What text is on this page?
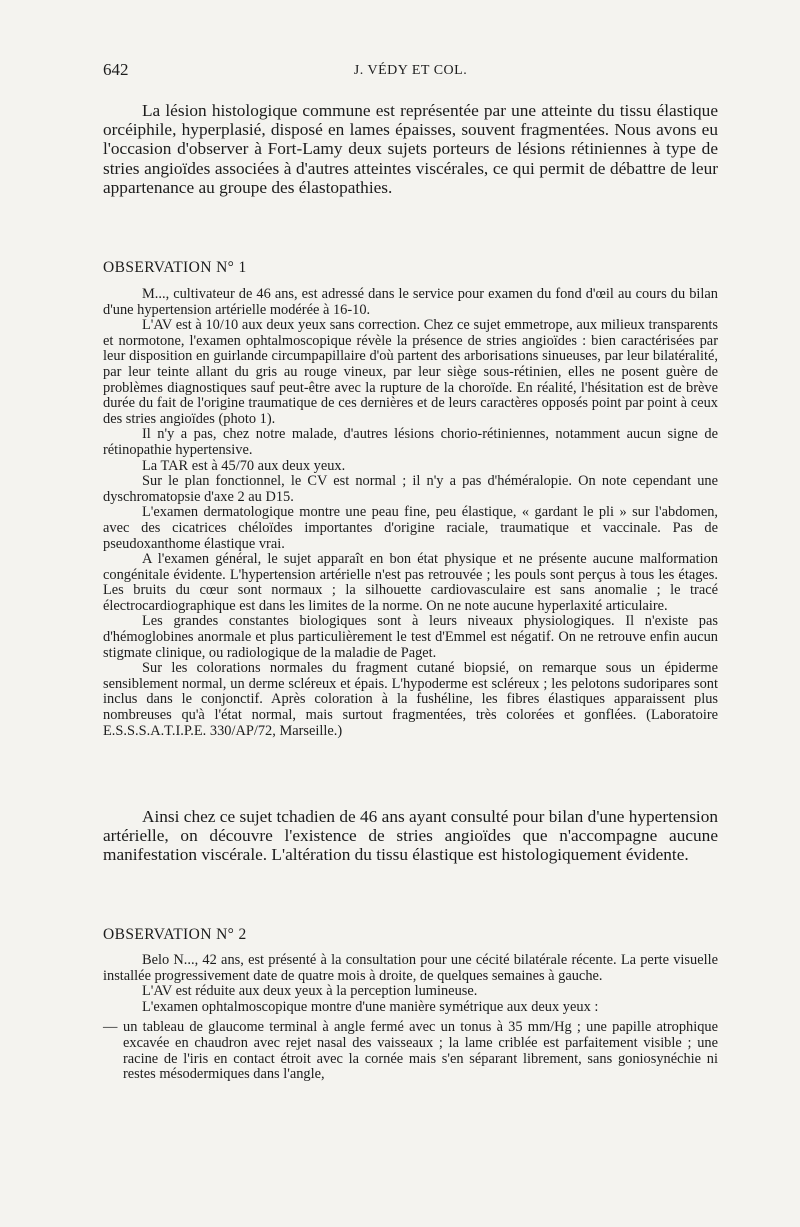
642	J. VÉDY ET COL.

La lésion histologique commune est représentée par une atteinte du tissu élastique orcéiphile, hyperplasié, disposé en lames épaisses, souvent fragmentées. Nous avons eu l'occasion d'observer à Fort-Lamy deux sujets porteurs de lésions rétiniennes à type de stries angioïdes associées à d'autres atteintes viscérales, ce qui permit de débattre de leur appartenance au groupe des élastopathies.

OBSERVATION N° 1

M..., cultivateur de 46 ans, est adressé dans le service pour examen du fond d'œil au cours du bilan d'une hypertension artérielle modérée à 16-10.

L'AV est à 10/10 aux deux yeux sans correction. Chez ce sujet emmetrope, aux milieux transparents et normotone, l'examen ophtalmoscopique révèle la présence de stries angioïdes : bien caractérisées par leur disposition en guirlande circumpapillaire d'où partent des arborisations sinueuses, par leur bilatéralité, par leur teinte allant du gris au rouge vineux, par leur siège sous-rétinien, elles ne posent guère de problèmes diagnostiques sauf peut-être avec la rupture de la choroïde. En réalité, l'hésitation est de brève durée du fait de l'origine traumatique de ces dernières et de leurs caractères opposés point par point à ceux des stries angioïdes (photo 1).

Il n'y a pas, chez notre malade, d'autres lésions chorio-rétiniennes, notamment aucun signe de rétinopathie hypertensive.

La TAR est à 45/70 aux deux yeux.

Sur le plan fonctionnel, le CV est normal ; il n'y a pas d'héméralopie. On note cependant une dyschromatopsie d'axe 2 au D15.

L'examen dermatologique montre une peau fine, peu élastique, « gardant le pli » sur l'abdomen, avec des cicatrices chéloïdes importantes d'origine raciale, traumatique et vaccinale. Pas de pseudoxanthome élastique vrai.

A l'examen général, le sujet apparaît en bon état physique et ne présente aucune malformation congénitale évidente. L'hypertension artérielle n'est pas retrouvée ; les pouls sont perçus à tous les étages. Les bruits du cœur sont normaux ; la silhouette cardiovasculaire est sans anomalie ; le tracé électrocardiographique est dans les limites de la norme. On ne note aucune hyperlaxité articulaire.

Les grandes constantes biologiques sont à leurs niveaux physiologiques. Il n'existe pas d'hémoglobines anormale et plus particulièrement le test d'Emmel est négatif. On ne retrouve enfin aucun stigmate clinique, ou radiologique de la maladie de Paget.

Sur les colorations normales du fragment cutané biopsié, on remarque sous un épiderme sensiblement normal, un derme scléreux et épais. L'hypoderme est scléreux ; les pelotons sudoripares sont inclus dans le conjonctif. Après coloration à la fushéline, les fibres élastiques apparaissent plus nombreuses qu'à l'état normal, mais surtout fragmentées, très colorées et gonflées. (Laboratoire E.S.S.S.A.T.I.P.E. 330/AP/72, Marseille.)

Ainsi chez ce sujet tchadien de 46 ans ayant consulté pour bilan d'une hypertension artérielle, on découvre l'existence de stries angioïdes que n'accompagne aucune manifestation viscérale. L'altération du tissu élastique est histologiquement évidente.

OBSERVATION N° 2

Belo N..., 42 ans, est présenté à la consultation pour une cécité bilatérale récente. La perte visuelle installée progressivement date de quatre mois à droite, de quelques semaines à gauche.

L'AV est réduite aux deux yeux à la perception lumineuse.

L'examen ophtalmoscopique montre d'une manière symétrique aux deux yeux :

— un tableau de glaucome terminal à angle fermé avec un tonus à 35 mm/Hg ; une papille atrophique excavée en chaudron avec rejet nasal des vaisseaux ; la lame criblée est parfaitement visible ; une racine de l'iris en contact étroit avec la cornée mais s'en séparant librement, sans goniosynéchie ni restes mésodermiques dans l'angle,
